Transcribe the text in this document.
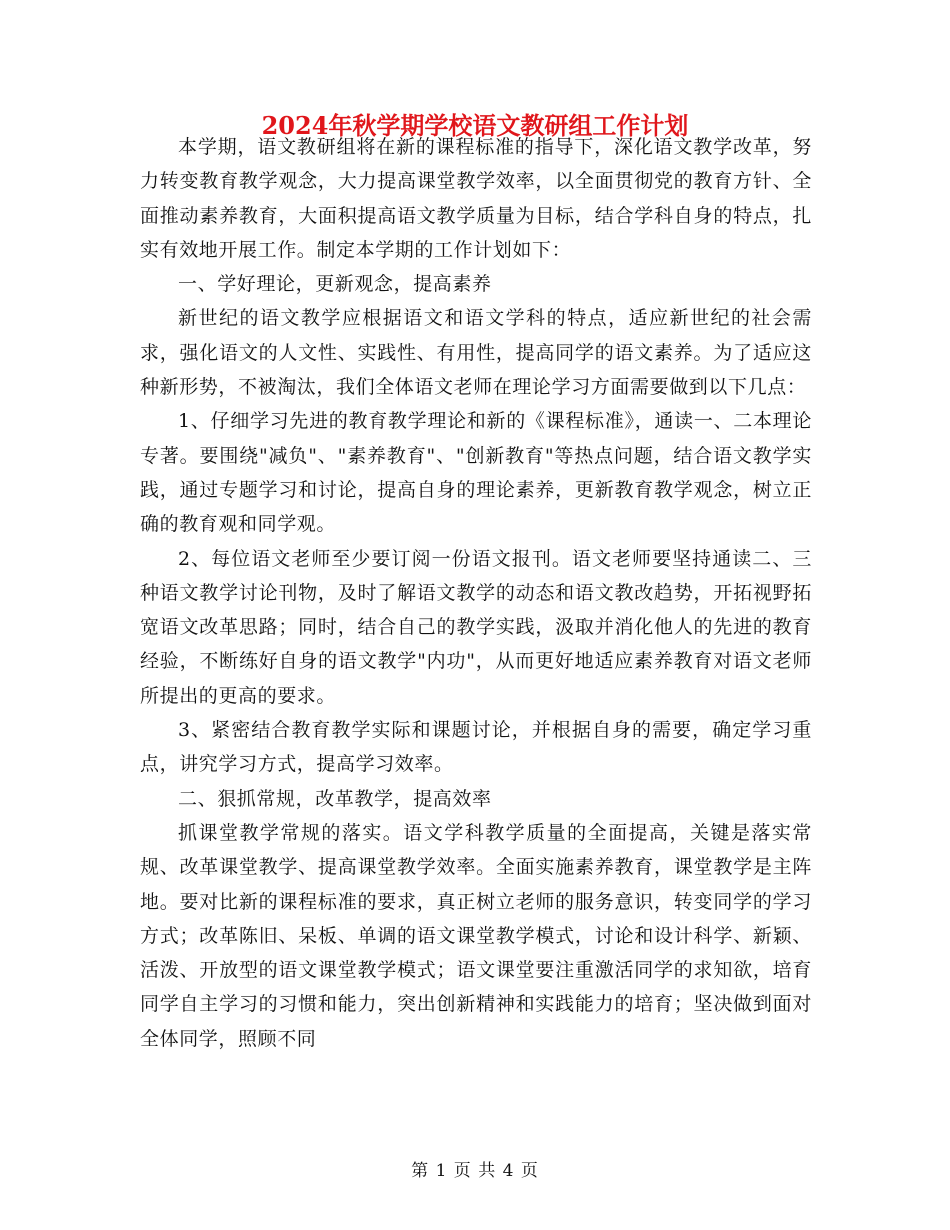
2024年秋学期学校语文教研组工作计划

本学期，语文教研组将在新的课程标准的指导下，深化语文教学改革，努力转变教育教学观念，大力提高课堂教学效率，以全面贯彻党的教育方针、全面推动素养教育，大面积提高语文教学质量为目标，结合学科自身的特点，扎实有效地开展工作。制定本学期的工作计划如下：

一、学好理论，更新观念，提高素养

新世纪的语文教学应根据语文和语文学科的特点，适应新世纪的社会需求，强化语文的人文性、实践性、有用性，提高同学的语文素养。为了适应这种新形势，不被淘汰，我们全体语文老师在理论学习方面需要做到以下几点：

1、仔细学习先进的教育教学理论和新的《课程标准》，通读一、二本理论专著。要围绕"减负"、"素养教育"、"创新教育"等热点问题，结合语文教学实践，通过专题学习和讨论，提高自身的理论素养，更新教育教学观念，树立正确的教育观和同学观。

2、每位语文老师至少要订阅一份语文报刊。语文老师要坚持通读二、三种语文教学讨论刊物，及时了解语文教学的动态和语文教改趋势，开拓视野拓宽语文改革思路；同时，结合自己的教学实践，汲取并消化他人的先进的教育经验，不断练好自身的语文教学"内功"，从而更好地适应素养教育对语文老师所提出的更高的要求。

3、紧密结合教育教学实际和课题讨论，并根据自身的需要，确定学习重点，讲究学习方式，提高学习效率。

二、狠抓常规，改革教学，提高效率

抓课堂教学常规的落实。语文学科教学质量的全面提高，关键是落实常规、改革课堂教学、提高课堂教学效率。全面实施素养教育，课堂教学是主阵地。要对比新的课程标准的要求，真正树立老师的服务意识，转变同学的学习方式；改革陈旧、呆板、单调的语文课堂教学模式，讨论和设计科学、新颖、活泼、开放型的语文课堂教学模式；语文课堂要注重激活同学的求知欲，培育同学自主学习的习惯和能力，突出创新精神和实践能力的培育；坚决做到面对全体同学，照顾不同

第 1 页 共 4 页
